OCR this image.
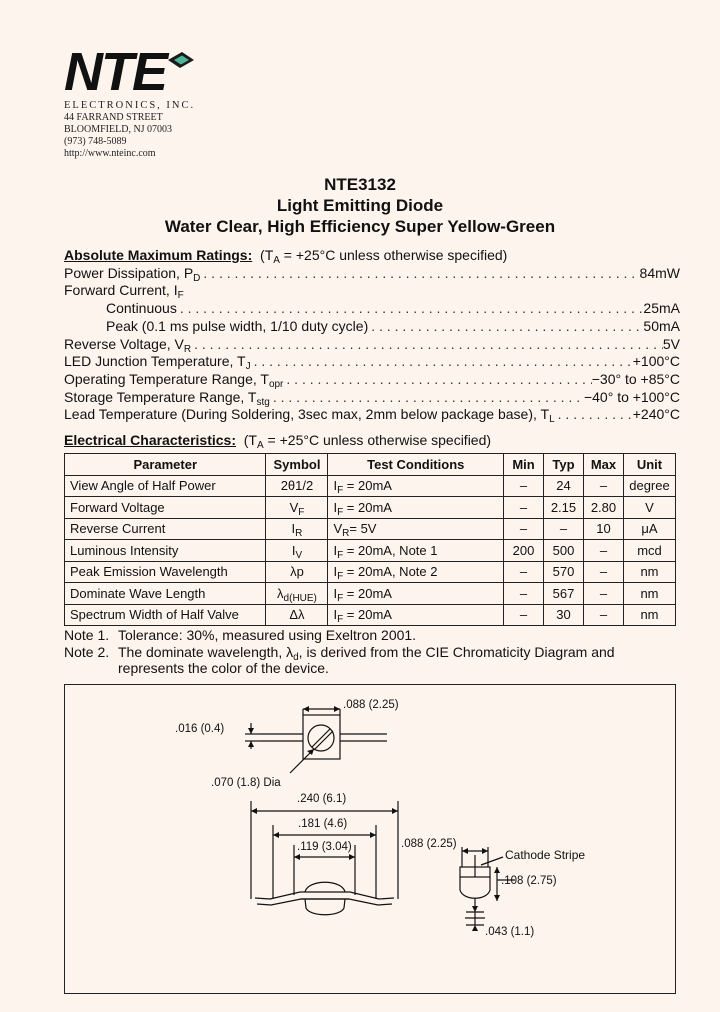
NTE
ELECTRONICS, INC.
44 FARRAND STREET
BLOOMFIELD, NJ 07003
(973) 748-5089
http://www.nteinc.com
NTE3132
Light Emitting Diode
Water Clear, High Efficiency Super Yellow-Green
Absolute Maximum Ratings: ($T_A = +25^\circ C$ unless otherwise specified)
Power Dissipation, $P_D$ . . .	84mW
Forward Current, $I_F$
Continuous . . .	25mA
Peak (0.1 ms pulse width, 1/10 duty cycle) . . .	50mA
Reverse Voltage, $V_R$ . . .	5V
LED Junction Temperature, $T_J$ . . .	+100°C
Operating Temperature Range, $T_{opr}$ . . .	−30° to +85°C
Storage Temperature Range, $T_{stg}$ . . .	−40° to +100°C
Lead Temperature (During Soldering, 3sec max, 2mm below package base), $T_L$ . . .	+240°C
Electrical Characteristics: ($T_A = +25^\circ C$ unless otherwise specified)
Parameter	Symbol	Test Conditions	Min	Typ	Max	Unit
View Angle of Half Power	2θ1/2	$I_F = 20mA$	–	24	–	degree
Forward Voltage	$V_F$	$I_F = 20mA$	–	2.15	2.80	V
Reverse Current	$I_R$	$V_R= 5V$	–	–	10	μA
Luminous Intensity	$I_V$	$I_F = 20mA$, Note 1	200	500	–	mcd
Peak Emission Wavelength	λp	$I_F = 20mA$, Note 2	–	570	–	nm
Dominate Wave Length	$\lambda_{d(HUE)}$	$I_F = 20mA$	–	567	–	nm
Spectrum Width of Half Valve	Δλ	$I_F = 20mA$	–	30	–	nm
Note 1. Tolerance: 30%, measured using Exeltron 2001.
Note 2. The dominate wavelength, $\lambda_d$, is derived from the CIE Chromaticity Diagram and represents the color of the device.
.088 (2.25)
.016 (0.4)
.070 (1.8) Dia
.240 (6.1)
.181 (4.6)
.119 (3.04)	.088 (2.25)
Cathode Stripe
.108 (2.75)
.043 (1.1)
